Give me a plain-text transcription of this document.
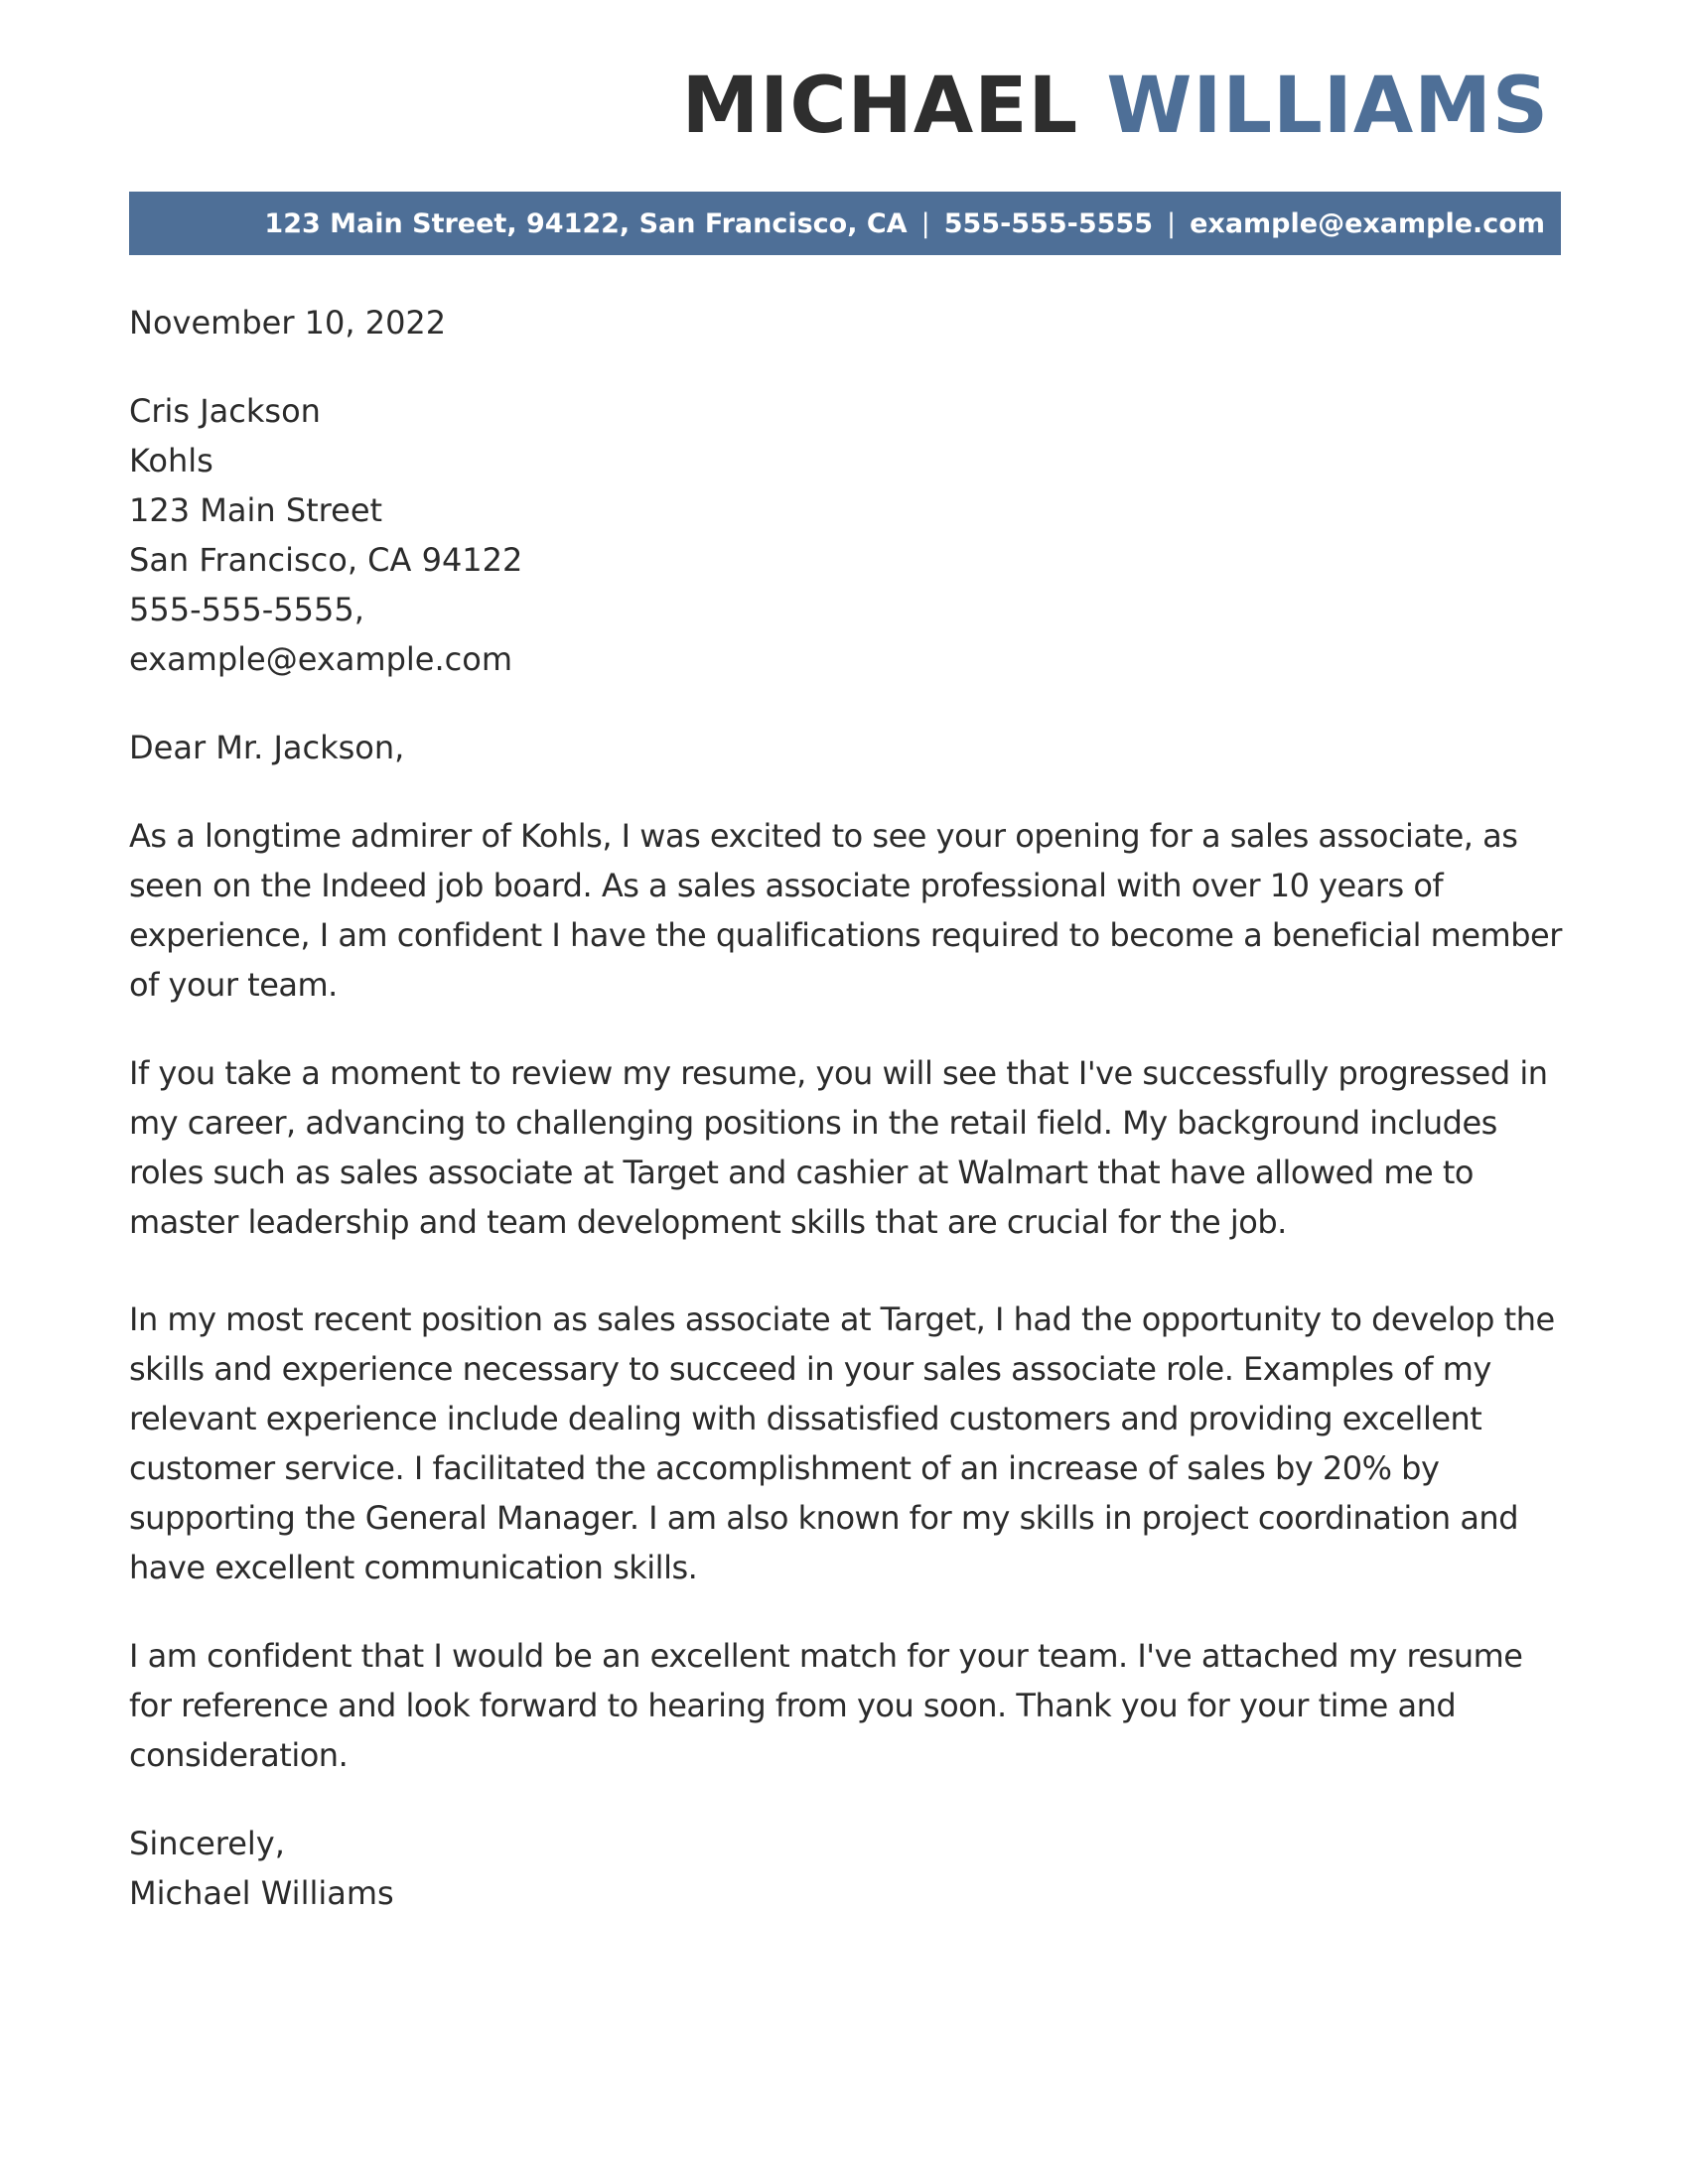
MICHAEL WILLIAMS
123 Main Street, 94122, San Francisco, CA | 555-555-5555 | example@example.com

November 10, 2022

Cris Jackson
Kohls
123 Main Street
San Francisco, CA 94122
555-555-5555,
example@example.com

Dear Mr. Jackson,

As a longtime admirer of Kohls, I was excited to see your opening for a sales associate, as seen on the Indeed job board. As a sales associate professional with over 10 years of experience, I am confident I have the qualifications required to become a beneficial member of your team.

If you take a moment to review my resume, you will see that I've successfully progressed in my career, advancing to challenging positions in the retail field. My background includes roles such as sales associate at Target and cashier at Walmart that have allowed me to master leadership and team development skills that are crucial for the job.

In my most recent position as sales associate at Target, I had the opportunity to develop the skills and experience necessary to succeed in your sales associate role. Examples of my relevant experience include dealing with dissatisfied customers and providing excellent customer service. I facilitated the accomplishment of an increase of sales by 20% by supporting the General Manager. I am also known for my skills in project coordination and have excellent communication skills.

I am confident that I would be an excellent match for your team. I've attached my resume for reference and look forward to hearing from you soon. Thank you for your time and consideration.

Sincerely,
Michael Williams
